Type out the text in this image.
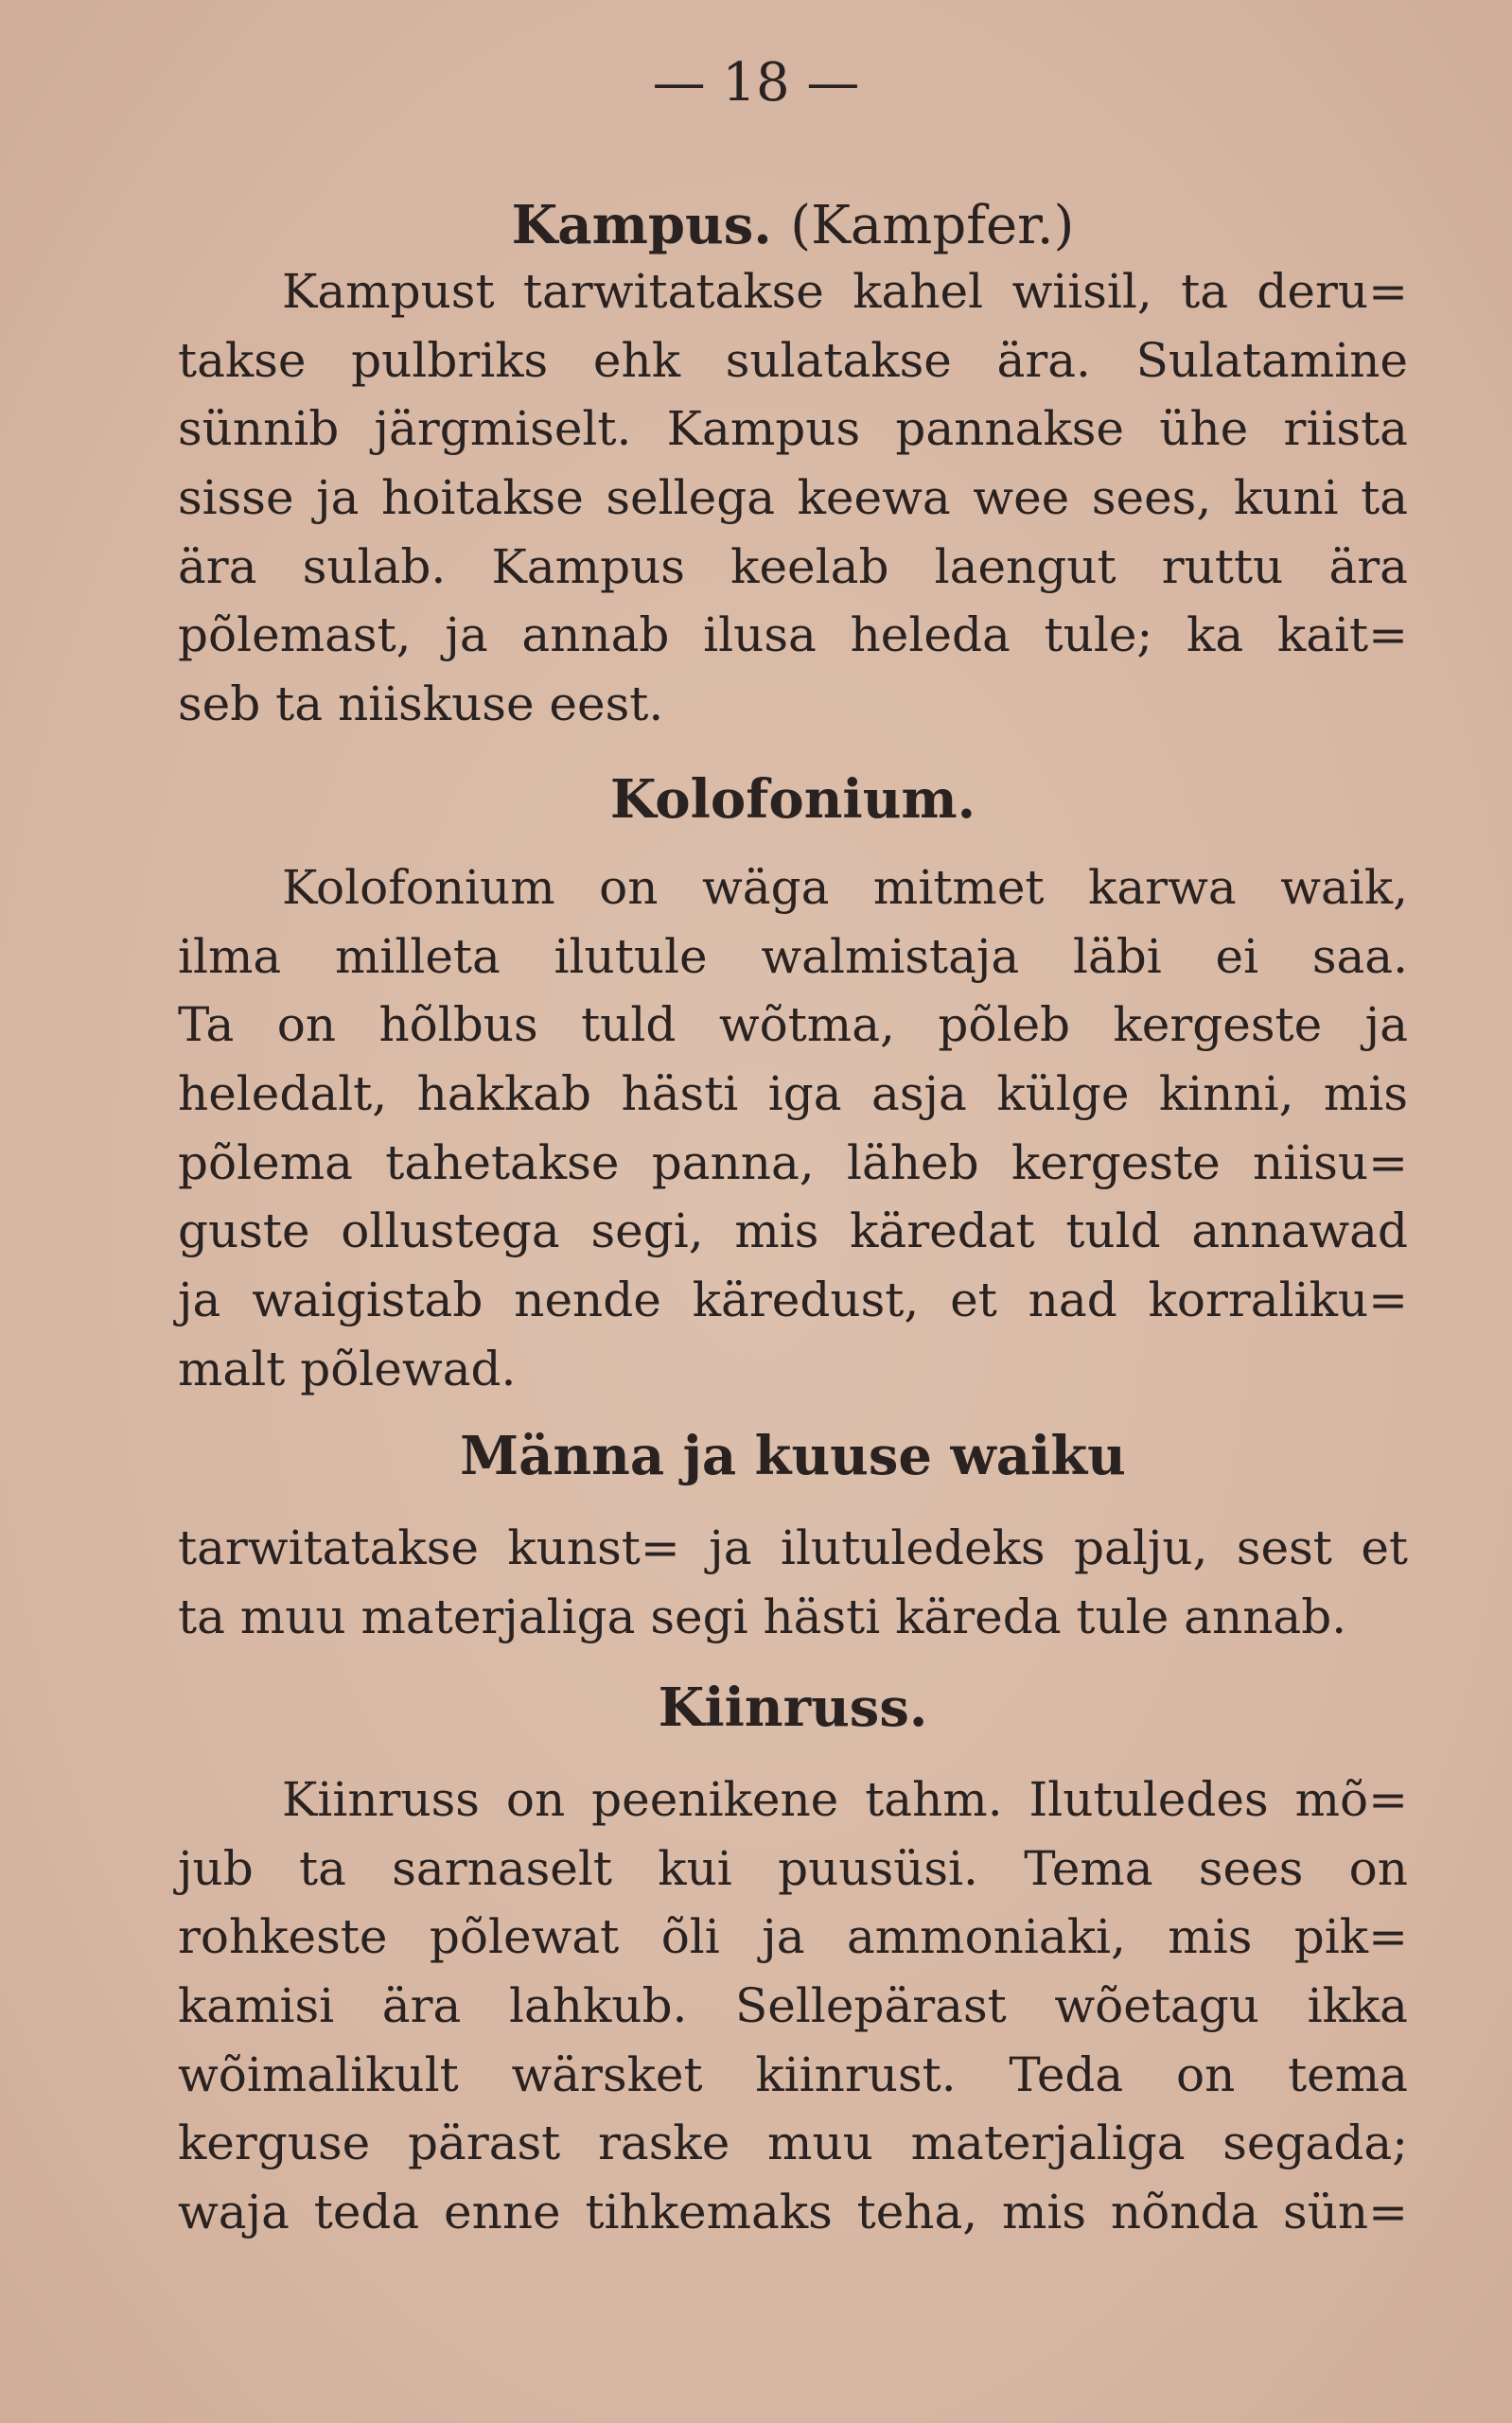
— 18 —
Kampus. (Kampfer.)
Kampust tarwitatakse kahel wiisil, ta deru=
takse pulbriks ehk sulatakse ära. Sulatamine
sünnib järgmiselt. Kampus pannakse ühe riista
sisse ja hoitakse sellega keewa wee sees, kuni ta
ära sulab. Kampus keelab laengut ruttu ära
põlemast, ja annab ilusa heleda tule; ka kait=
seb ta niiskuse eest.
Kolofonium.
Kolofonium on wäga mitmet karwa waik,
ilma milleta ilutule walmistaja läbi ei saa.
Ta on hõlbus tuld wõtma, põleb kergeste ja
heledalt, hakkab hästi iga asja külge kinni, mis
põlema tahetakse panna, läheb kergeste niisu=
guste ollustega segi, mis käredat tuld annawad
ja waigistab nende käredust, et nad korraliku=
malt põlewad.
Männa ja kuuse waiku
tarwitatakse kunst= ja ilutuledeks palju, sest et
ta muu materjaliga segi hästi käreda tule annab.
Kiinruss.
Kiinruss on peenikene tahm. Ilutuledes mõ=
jub ta sarnaselt kui puusüsi. Tema sees on
rohkeste põlewat õli ja ammoniaki, mis pik=
kamisi ära lahkub. Sellepärast wõetagu ikka
wõimalikult wärsket kiinrust. Teda on tema
kerguse pärast raske muu materjaliga segada;
waja teda enne tihkemaks teha, mis nõnda sün=
